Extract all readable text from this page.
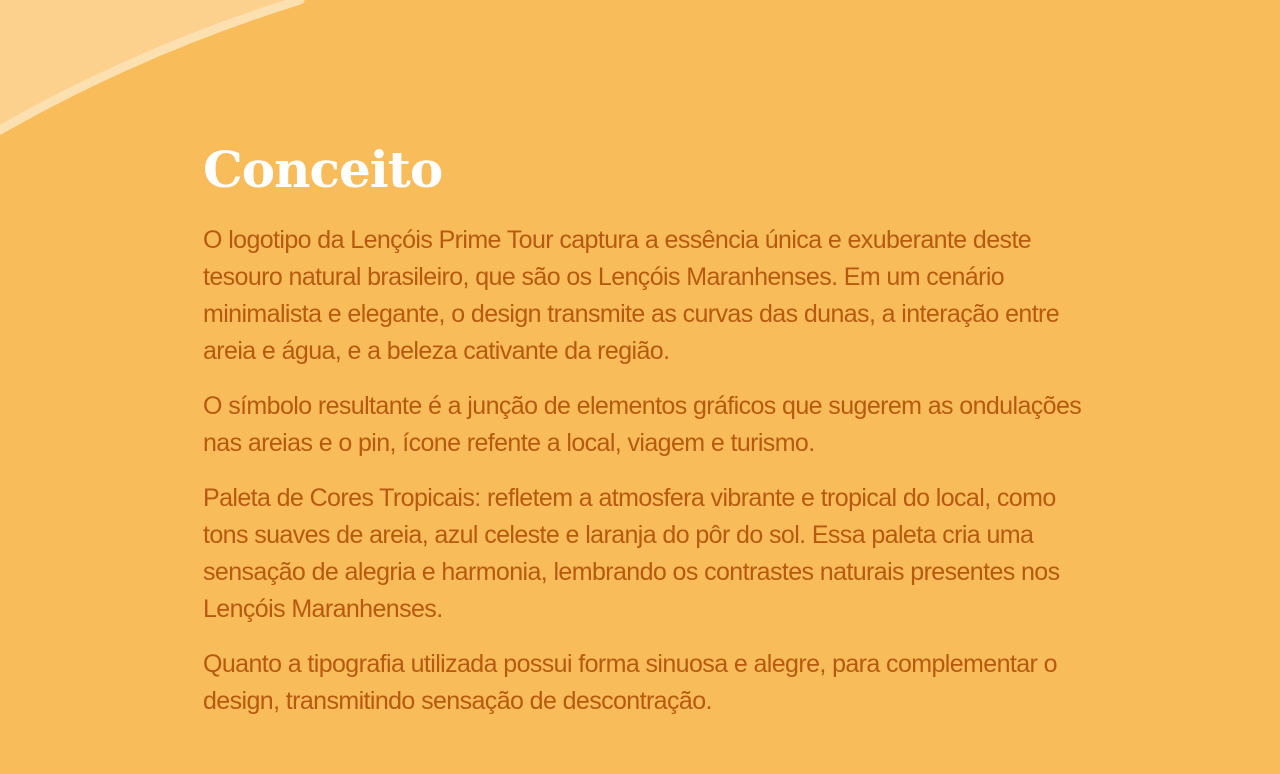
Conceito

O logotipo da Lençóis Prime Tour captura a essência única e exuberante deste tesouro natural brasileiro, que são os Lençóis Maranhenses. Em um cenário minimalista e elegante, o design transmite as curvas das dunas, a interação entre areia e água, e a beleza cativante da região.

O símbolo resultante é a junção de elementos gráficos que sugerem as ondulações nas areias e o pin, ícone refente a local, viagem e turismo.

Paleta de Cores Tropicais: refletem a atmosfera vibrante e tropical do local, como tons suaves de areia, azul celeste e laranja do pôr do sol. Essa paleta cria uma sensação de alegria e harmonia, lembrando os contrastes naturais presentes nos Lençóis Maranhenses.

Quanto a tipografia utilizada possui forma sinuosa e alegre, para complementar o design, transmitindo sensação de descontração.
